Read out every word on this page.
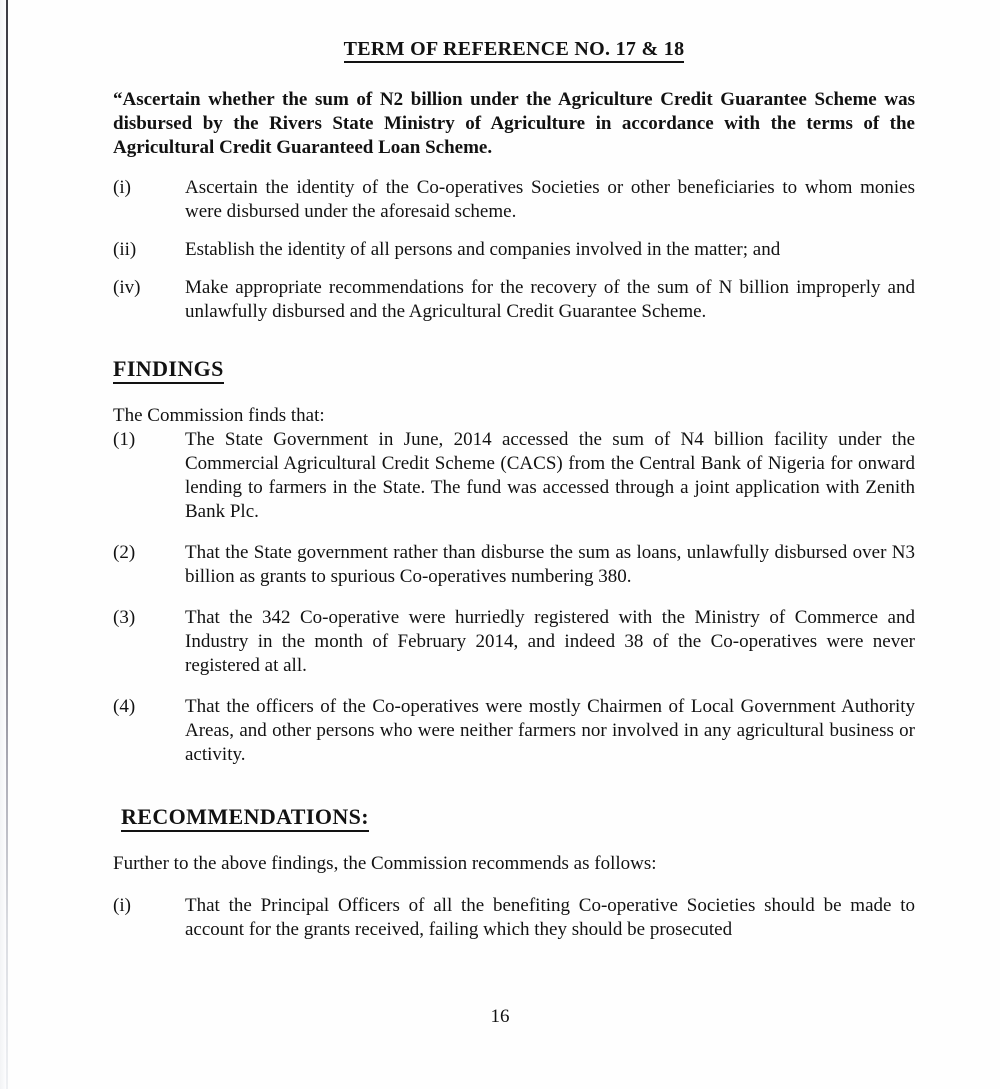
TERM OF REFERENCE NO. 17 & 18

“Ascertain whether the sum of N2 billion under the Agriculture Credit Guarantee Scheme was disbursed by the Rivers State Ministry of Agriculture in accordance with the terms of the Agricultural Credit Guaranteed Loan Scheme.

(i)	Ascertain the identity of the Co-operatives Societies or other beneficiaries to whom monies were disbursed under the aforesaid scheme.
(ii)	Establish the identity of all persons and companies involved in the matter; and
(iv)	Make appropriate recommendations for the recovery of the sum of N billion improperly and unlawfully disbursed and the Agricultural Credit Guarantee Scheme.
FINDINGS

The Commission finds that:

(1)	The State Government in June, 2014 accessed the sum of N4 billion facility under the Commercial Agricultural Credit Scheme (CACS) from the Central Bank of Nigeria for onward lending to farmers in the State. The fund was accessed through a joint application with Zenith Bank Plc.
(2)	That the State government rather than disburse the sum as loans, unlawfully disbursed over N3 billion as grants to spurious Co-operatives numbering 380.
(3)	That the 342 Co-operative were hurriedly registered with the Ministry of Commerce and Industry in the month of February 2014, and indeed 38 of the Co-operatives were never registered at all.
(4)	That the officers of the Co-operatives were mostly Chairmen of Local Government Authority Areas, and other persons who were neither farmers nor involved in any agricultural business or activity.
RECOMMENDATIONS:

Further to the above findings, the Commission recommends as follows:

(i)	That the Principal Officers of all the benefiting Co-operative Societies should be made to account for the grants received, failing which they should be prosecuted
16
